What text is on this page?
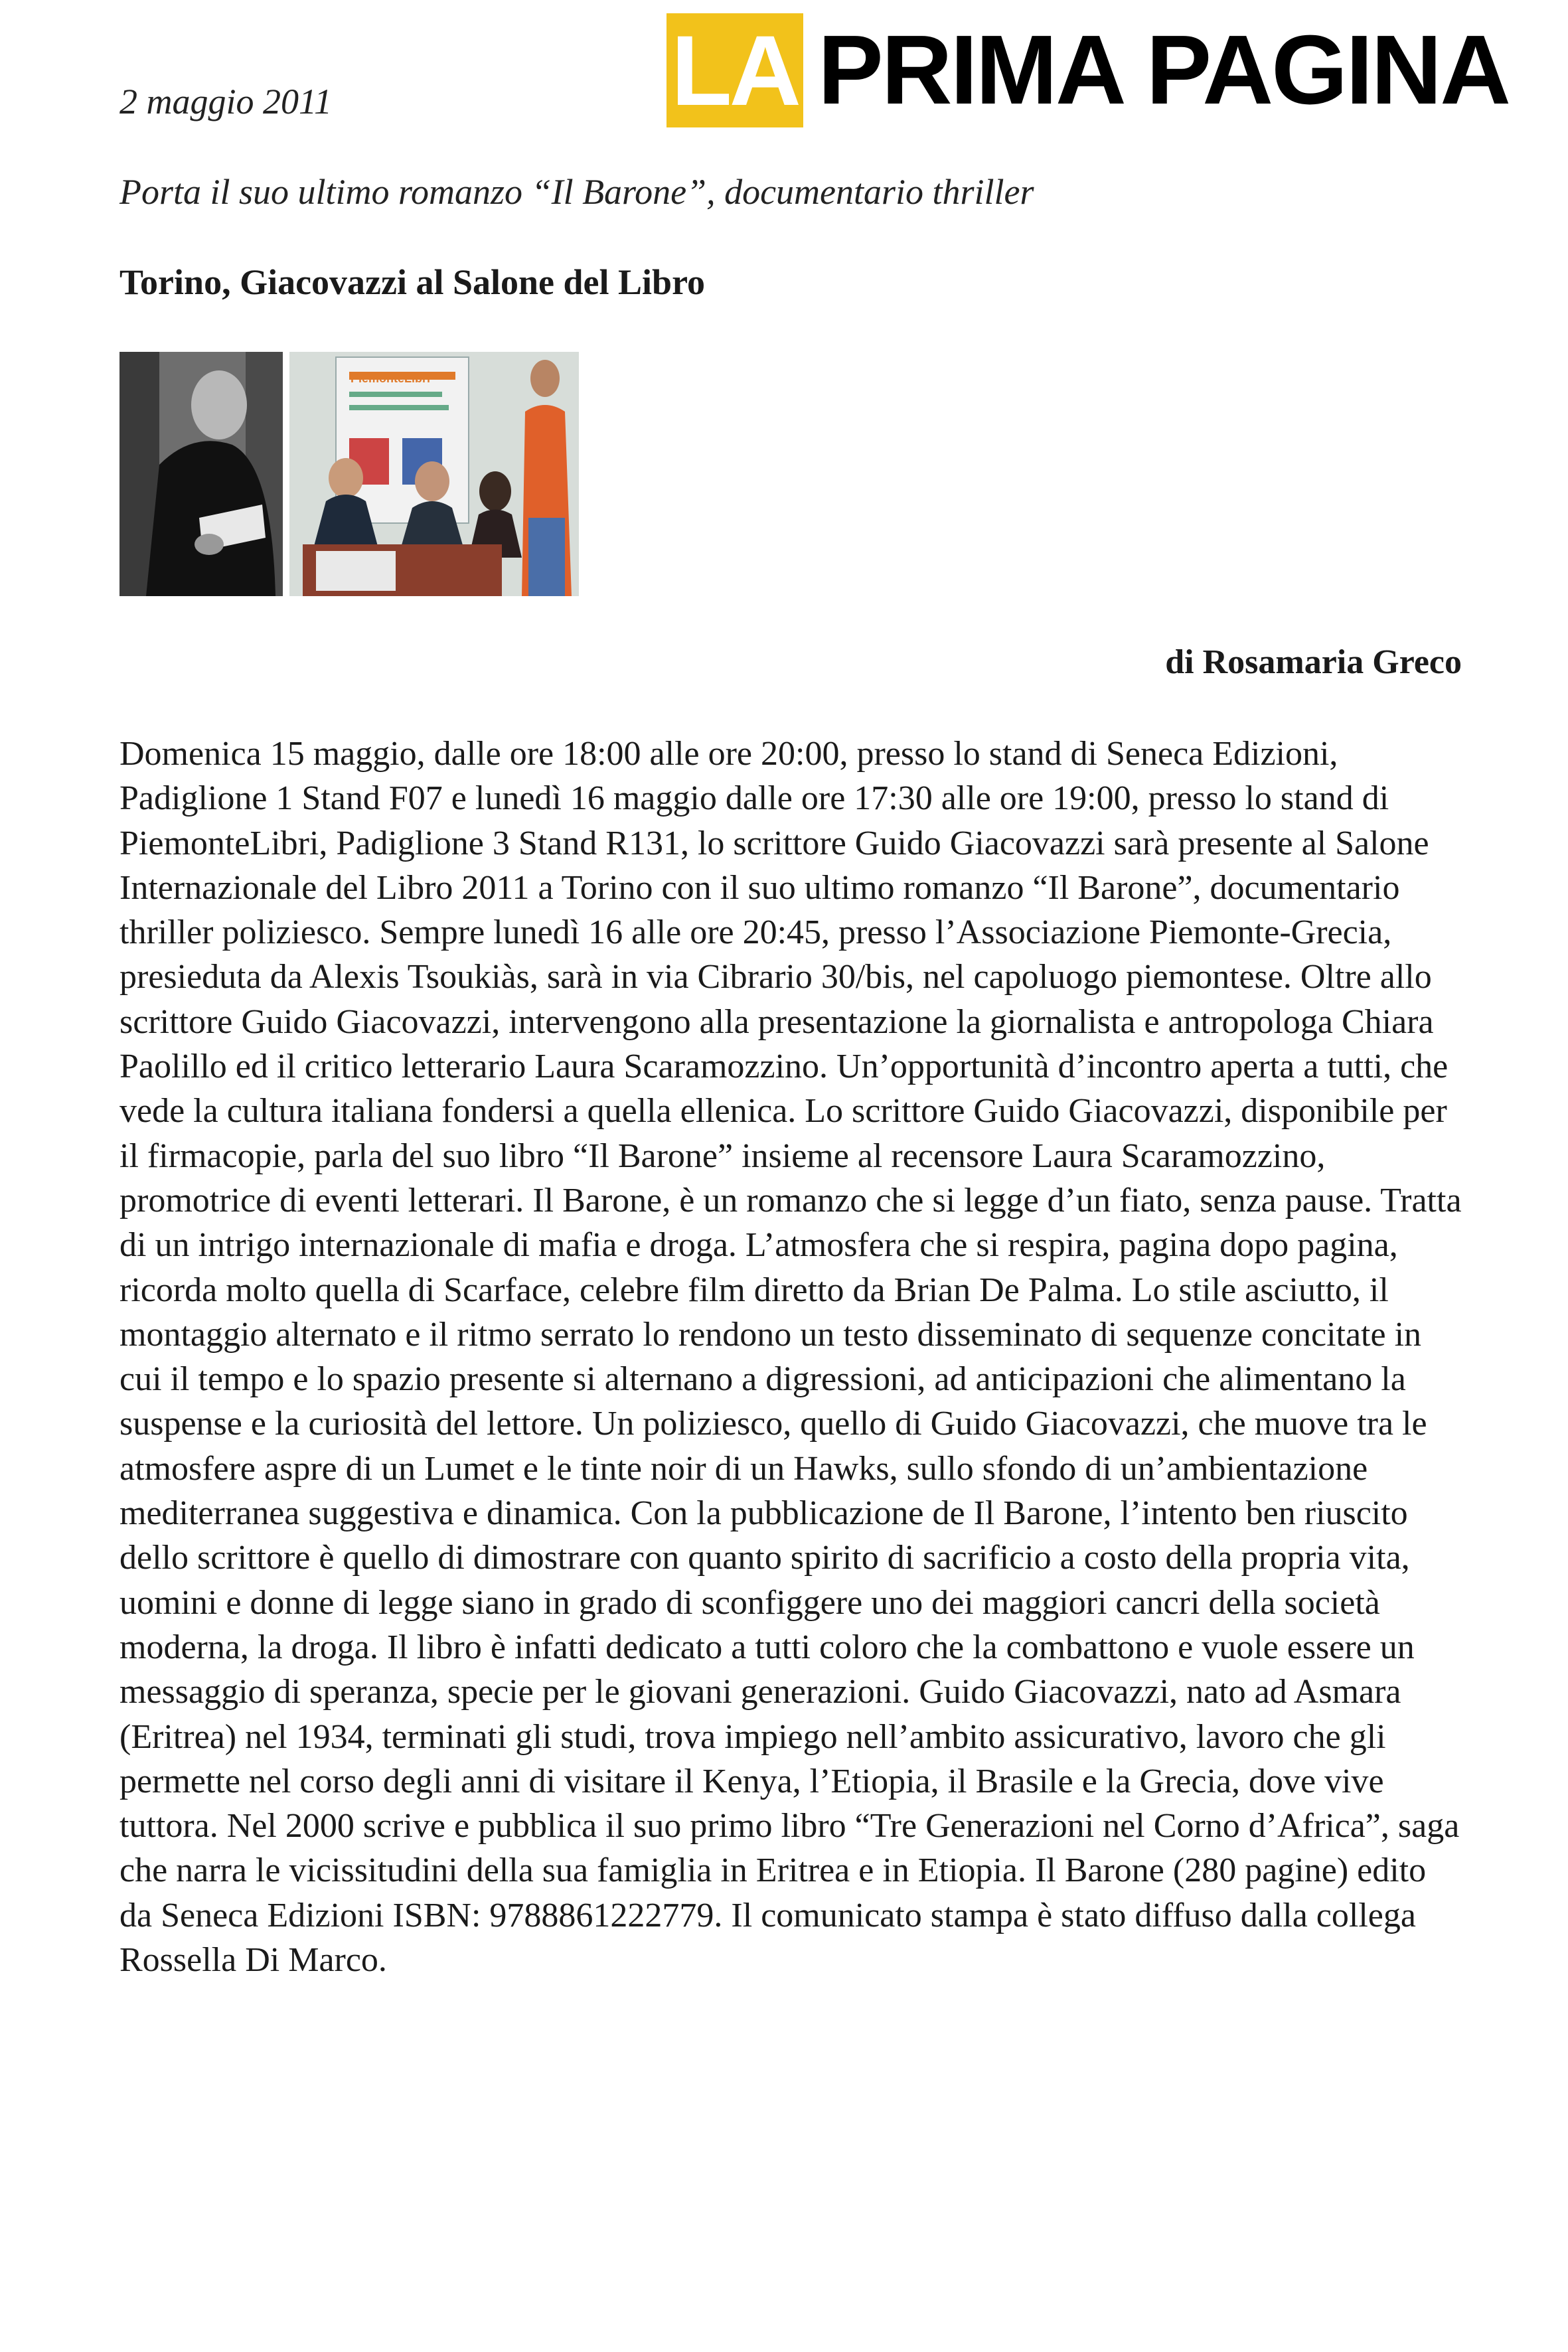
LA PRIMA PAGINA
2 maggio 2011
Porta il suo ultimo romanzo “Il Barone”, documentario thriller
Torino, Giacovazzi al Salone del Libro
PiemonteLibri
di Rosamaria Greco

Domenica 15 maggio, dalle ore 18:00 alle ore 20:00, presso lo stand di Seneca Edizioni, Padiglione 1 Stand F07 e lunedì 16 maggio dalle ore 17:30 alle ore 19:00, presso lo stand di PiemonteLibri, Padiglione 3 Stand R131, lo scrittore Guido Giacovazzi sarà presente al Salone Internazionale del Libro 2011 a Torino con il suo ultimo romanzo “Il Barone”, documentario thriller poliziesco. Sempre lunedì 16 alle ore 20:45, presso l’Associazione Piemonte-Grecia, presieduta da Alexis Tsoukiàs, sarà in via Cibrario 30/bis, nel capoluogo piemontese. Oltre allo scrittore Guido Giacovazzi, intervengono alla presentazione la giornalista e antropologa Chiara Paolillo ed il critico letterario Laura Scaramozzino. Un’opportunità d’incontro aperta a tutti, che vede la cultura italiana fondersi a quella ellenica. Lo scrittore Guido Giacovazzi, disponibile per il firmacopie, parla del suo libro “Il Barone” insieme al recensore Laura Scaramozzino, promotrice di eventi letterari. Il Barone, è un romanzo che si legge d’un fiato, senza pause. Tratta di un intrigo internazionale di mafia e droga. L’atmosfera che si respira, pagina dopo pagina, ricorda molto quella di Scarface, celebre film diretto da Brian De Palma. Lo stile asciutto, il montaggio alternato e il ritmo serrato lo rendono un testo disseminato di sequenze concitate in cui il tempo e lo spazio presente si alternano a digressioni, ad anticipazioni che alimentano la suspense e la curiosità del lettore. Un poliziesco, quello di Guido Giacovazzi, che muove tra le atmosfere aspre di un Lumet e le tinte noir di un Hawks, sullo sfondo di un’ambientazione mediterranea suggestiva e dinamica. Con la pubblicazione de Il Barone, l’intento ben riuscito dello scrittore è quello di dimostrare con quanto spirito di sacrificio a costo della propria vita, uomini e donne di legge siano in grado di sconfiggere uno dei maggiori cancri della società moderna, la droga. Il libro è infatti dedicato a tutti coloro che la combattono e vuole essere un messaggio di speranza, specie per le giovani generazioni. Guido Giacovazzi, nato ad Asmara (Eritrea) nel 1934, terminati gli studi, trova impiego nell’ambito assicurativo, lavoro che gli permette nel corso degli anni di visitare il Kenya, l’Etiopia, il Brasile e la Grecia, dove vive tuttora. Nel 2000 scrive e pubblica il suo primo libro “Tre Generazioni nel Corno d’Africa”, saga che narra le vicissitudini della sua famiglia in Eritrea e in Etiopia. Il Barone (280 pagine) edito da Seneca Edizioni ISBN: 9788861222779. Il comunicato stampa è stato diffuso dalla collega Rossella Di Marco.
